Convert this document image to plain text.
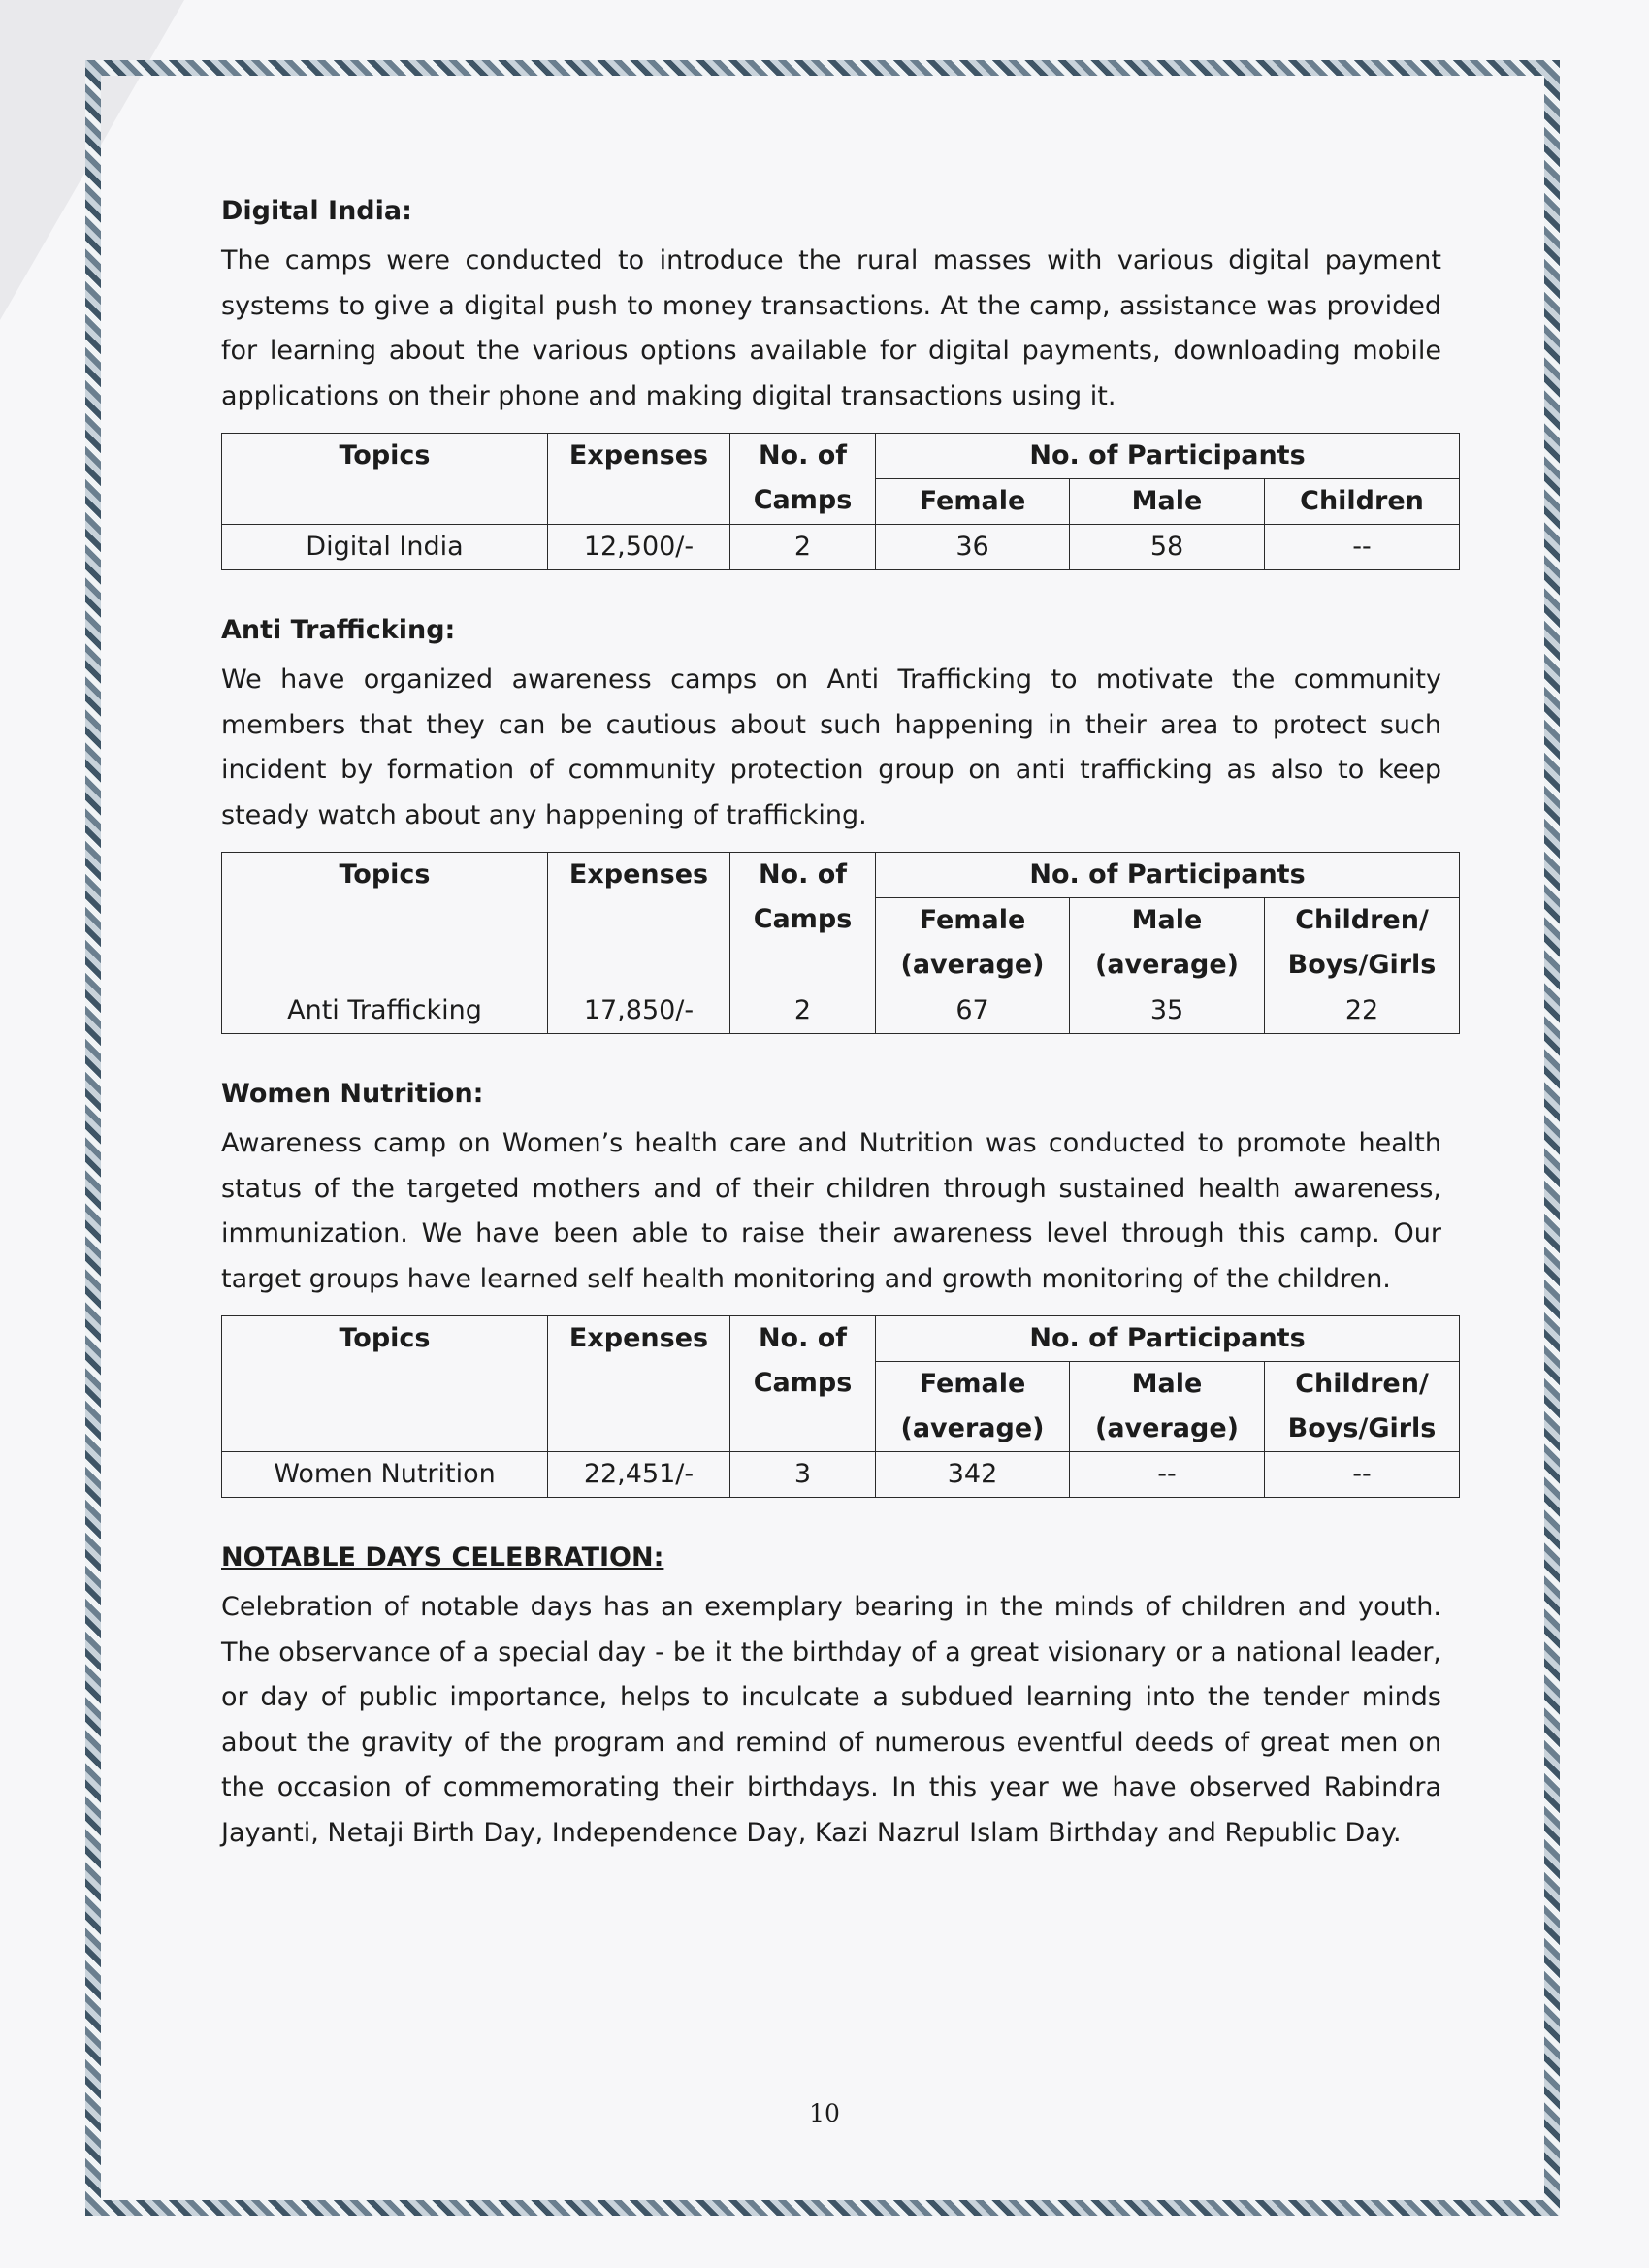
Digital India:

The camps were conducted to introduce the rural masses with various digital payment systems to give a digital push to money transactions. At the camp, assistance was provided for learning about the various options available for digital payments, downloading mobile applications on their phone and making digital transactions using it.

Topics	Expenses	No. of Camps	No. of Participants		
			Female	Male	Children
Digital India	12,500/-	2	36	58	--
Anti Trafficking:

We have organized awareness camps on Anti Trafficking to motivate the community members that they can be cautious about such happening in their area to protect such incident by formation of community protection group on anti trafficking as also to keep steady watch about any happening of trafficking.

Topics	Expenses	No. of Camps	No. of Participants		
			Female (average)	Male (average)	Children/ Boys/Girls
Anti Trafficking	17,850/-	2	67	35	22
Women Nutrition:

Awareness camp on Women’s health care and Nutrition was conducted to promote health status of the targeted mothers and of their children through sustained health awareness, immunization. We have been able to raise their awareness level through this camp. Our target groups have learned self health monitoring and growth monitoring of the children.

Topics	Expenses	No. of Camps	No. of Participants		
			Female (average)	Male (average)	Children/ Boys/Girls
Women Nutrition	22,451/-	3	342	--	--
NOTABLE DAYS CELEBRATION:

Celebration of notable days has an exemplary bearing in the minds of children and youth. The observance of a special day - be it the birthday of a great visionary or a national leader, or day of public importance, helps to inculcate a subdued learning into the tender minds about the gravity of the program and remind of numerous eventful deeds of great men on the occasion of commemorating their birthdays. In this year we have observed Rabindra Jayanti, Netaji Birth Day, Independence Day, Kazi Nazrul Islam Birthday and Republic Day.

10
